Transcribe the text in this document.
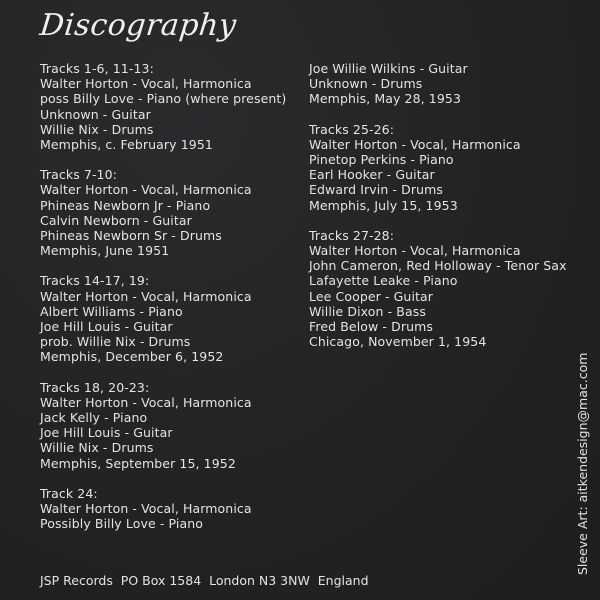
Discography
Tracks 1-6, 11-13:
Walter Horton - Vocal, Harmonica
poss Billy Love - Piano (where present)
Unknown - Guitar
Willie Nix - Drums
Memphis, c. February 1951
Tracks 7-10:
Walter Horton - Vocal, Harmonica
Phineas Newborn Jr - Piano
Calvin Newborn - Guitar
Phineas Newborn Sr - Drums
Memphis, June 1951
Tracks 14-17, 19:
Walter Horton - Vocal, Harmonica
Albert Williams - Piano
Joe Hill Louis - Guitar
prob. Willie Nix - Drums
Memphis, December 6, 1952
Tracks 18, 20-23:
Walter Horton - Vocal, Harmonica
Jack Kelly - Piano
Joe Hill Louis - Guitar
Willie Nix - Drums
Memphis, September 15, 1952
Track 24:
Walter Horton - Vocal, Harmonica
Possibly Billy Love - Piano
Joe Willie Wilkins - Guitar
Unknown - Drums
Memphis, May 28, 1953
Tracks 25-26:
Walter Horton - Vocal, Harmonica
Pinetop Perkins - Piano
Earl Hooker - Guitar
Edward Irvin - Drums
Memphis, July 15, 1953
Tracks 27-28:
Walter Horton - Vocal, Harmonica
John Cameron, Red Holloway - Tenor Sax
Lafayette Leake - Piano
Lee Cooper - Guitar
Willie Dixon - Bass
Fred Below - Drums
Chicago, November 1, 1954
JSP Records  PO Box 1584  London N3 3NW  England
Sleeve Art: aitkendesign@mac.com
